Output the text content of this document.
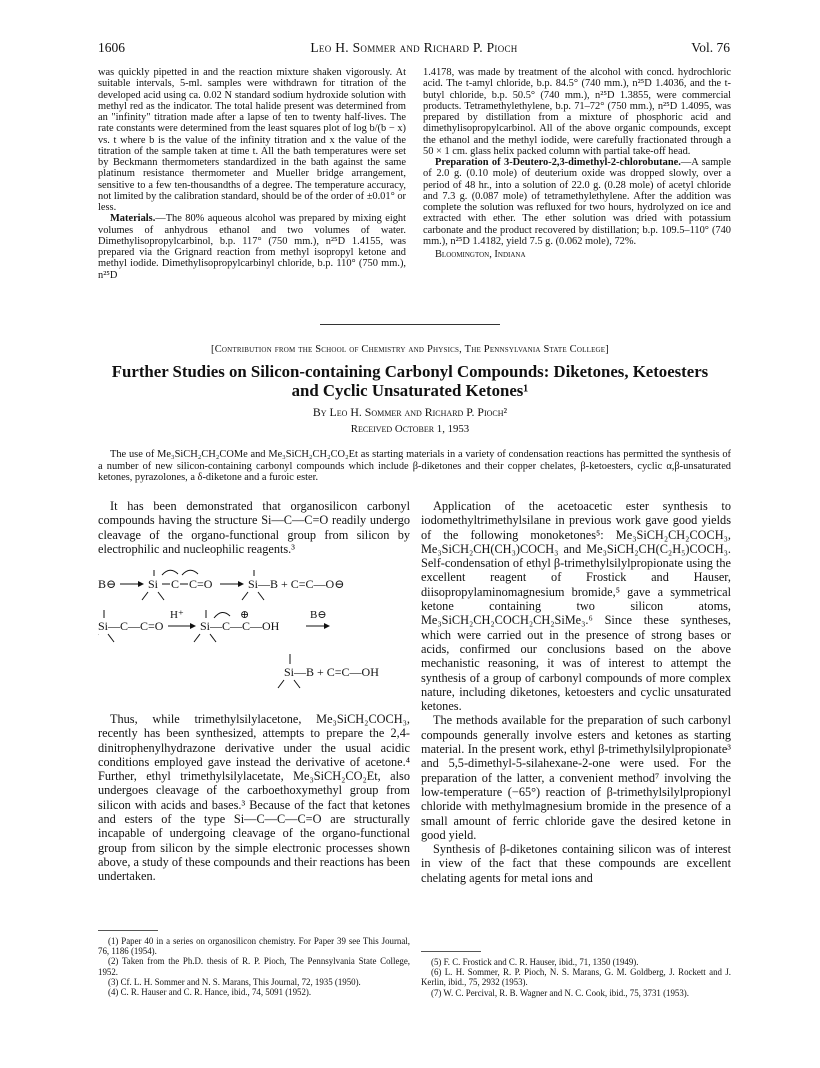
1606	Leo H. Sommer and Richard P. Pioch	Vol. 76

was quickly pipetted in and the reaction mixture shaken vigorously. At suitable intervals, 5-ml. samples were withdrawn for titration of the developed acid using ca. 0.02 N standard sodium hydroxide solution with methyl red as the indicator. The total halide present was determined from an "infinity" titration made after a lapse of ten to twenty half-lives. The rate constants were determined from the least squares plot of log b/(b − x) vs. t where b is the value of the infinity titration and x the value of the titration of the sample taken at time t. All the bath temperatures were set by Beckmann thermometers standardized in the bath against the same platinum resistance thermometer and Mueller bridge arrangement, sensitive to a few ten-thousandths of a degree. The temperature accuracy, not limited by the calibration standard, should be of the order of ±0.01° or less.

Materials.—The 80% aqueous alcohol was prepared by mixing eight volumes of anhydrous ethanol and two volumes of water. Dimethylisopropylcarbinol, b.p. 117° (750 mm.), n²⁵D 1.4155, was prepared via the Grignard reaction from methyl isopropyl ketone and methyl iodide. Dimethylisopropylcarbinyl chloride, b.p. 110° (750 mm.), n²⁵D

1.4178, was made by treatment of the alcohol with concd. hydrochloric acid. The t-amyl chloride, b.p. 84.5° (740 mm.), n²⁵D 1.4036, and the t-butyl chloride, b.p. 50.5° (740 mm.), n²⁵D 1.3855, were commercial products. Tetramethylethylene, b.p. 71–72° (750 mm.), n²⁵D 1.4095, was prepared by distillation from a mixture of phosphoric acid and dimethylisopropylcarbinol. All of the above organic compounds, except the ethanol and the methyl iodide, were carefully fractionated through a 50 × 1 cm. glass helix packed column with partial take-off head.

Preparation of 3-Deutero-2,3-dimethyl-2-chlorobutane.—A sample of 2.0 g. (0.10 mole) of deuterium oxide was dropped slowly, over a period of 48 hr., into a solution of 22.0 g. (0.28 mole) of acetyl chloride and 7.3 g. (0.087 mole) of tetramethylethylene. After the addition was complete the solution was refluxed for two hours, hydrolyzed on ice and extracted with ether. The ether solution was dried with potassium carbonate and the product recovered by distillation; b.p. 109.5–110° (740 mm.), n²⁵D 1.4182, yield 7.5 g. (0.062 mole), 72%.

Bloomington, Indiana

[Contribution from the School of Chemistry and Physics, The Pennsylvania State College]
Further Studies on Silicon-containing Carbonyl Compounds: Diketones, Ketoesters
and Cyclic Unsaturated Ketones¹
By Leo H. Sommer and Richard P. Pioch²
Received October 1, 1953
The use of Me₃SiCH₂CH₂COMe and Me₃SiCH₂CH₂CO₂Et as starting materials in a variety of condensation reactions has permitted the synthesis of a number of new silicon-containing carbonyl compounds which include β-diketones and their copper chelates, β-ketoesters, cyclic α,β-unsaturated ketones, pyrazolones, a δ-diketone and a furoic ester.

It has been demonstrated that organosilicon carbonyl compounds having the structure Si—C—C=O readily undergo cleavage of the organo-functional group from silicon by electrophilic and nucleophilic reagents.³

B⊖	Si C C=O	Si—B + C=C—O⊖
Si—C—C=O
H⁺	⊕
Si—C—C—OH
B⊖
Si—B + C=C—OH

Thus, while trimethylsilylacetone, Me₃SiCH₂COCH₃, recently has been synthesized, attempts to prepare the 2,4-dinitrophenylhydrazone derivative under the usual acidic conditions employed gave instead the derivative of acetone.⁴ Further, ethyl trimethylsilylacetate, Me₃SiCH₂CO₂Et, also undergoes cleavage of the carboethoxymethyl group from silicon with acids and bases.³ Because of the fact that ketones and esters of the type Si—C—C—C=O are structurally incapable of undergoing cleavage of the organo-functional group from silicon by the simple electronic processes shown above, a study of these compounds and their reactions has been undertaken.

(1) Paper 40 in a series on organosilicon chemistry. For Paper 39 see This Journal, 76, 1186 (1954).

(2) Taken from the Ph.D. thesis of R. P. Pioch, The Pennsylvania State College, 1952.

(3) Cf. L. H. Sommer and N. S. Marans, This Journal, 72, 1935 (1950).

(4) C. R. Hauser and C. R. Hance, ibid., 74, 5091 (1952).

Application of the acetoacetic ester synthesis to iodomethyltrimethylsilane in previous work gave good yields of the following monoketones⁵: Me₃SiCH₂CH₂COCH₃, Me₃SiCH₂CH(CH₃)COCH₃ and Me₃SiCH₂CH(C₂H₅)COCH₃. Self-condensation of ethyl β-trimethylsilylpropionate using the excellent reagent of Frostick and Hauser, diisopropylaminomagnesium bromide,⁵ gave a symmetrical ketone containing two silicon atoms, Me₃SiCH₂CH₂COCH₂CH₂SiMe₃.⁶ Since these syntheses, which were carried out in the presence of strong bases or acids, confirmed our conclusions based on the above mechanistic reasoning, it was of interest to attempt the synthesis of a group of carbonyl compounds of more complex nature, including diketones, ketoesters and cyclic unsaturated ketones.

The methods available for the preparation of such carbonyl compounds generally involve esters and ketones as starting material. In the present work, ethyl β-trimethylsilylpropionate³ and 5,5-dimethyl-5-silahexane-2-one were used. For the preparation of the latter, a convenient method⁷ involving the low-temperature (−65°) reaction of β-trimethylsilylpropionyl chloride with methylmagnesium bromide in the presence of a small amount of ferric chloride gave the desired ketone in good yield.

Synthesis of β-diketones containing silicon was of interest in view of the fact that these compounds are excellent chelating agents for metal ions and

(5) F. C. Frostick and C. R. Hauser, ibid., 71, 1350 (1949).

(6) L. H. Sommer, R. P. Pioch, N. S. Marans, G. M. Goldberg, J. Rockett and J. Kerlin, ibid., 75, 2932 (1953).

(7) W. C. Percival, R. B. Wagner and N. C. Cook, ibid., 75, 3731 (1953).
